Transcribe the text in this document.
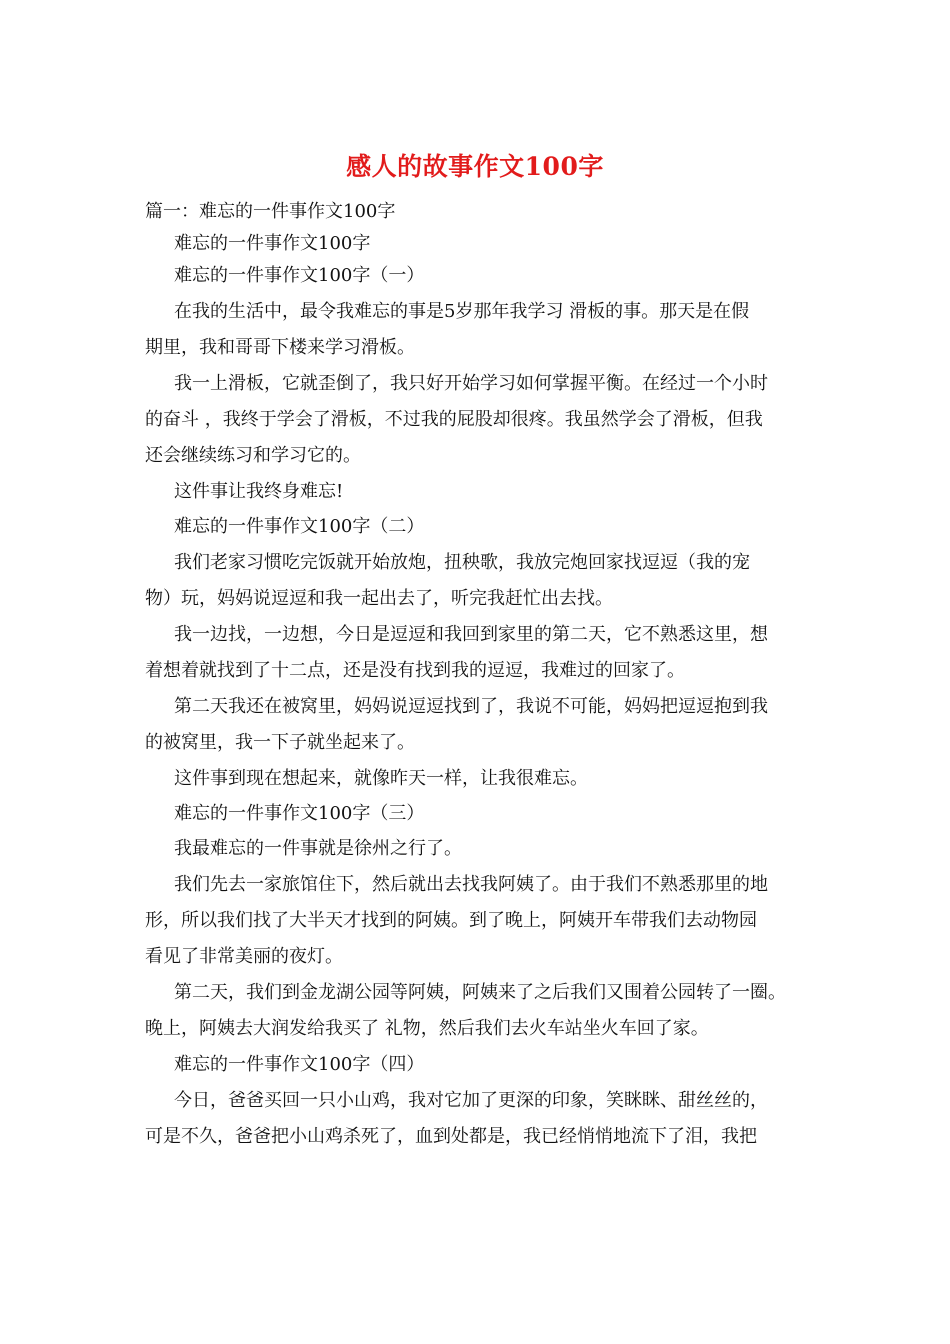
感人的故事作文100字
篇一：难忘的一件事作文100字
难忘的一件事作文100字
难忘的一件事作文100字（一）
在我的生活中，最令我难忘的事是5岁那年我学习 滑板的事。那天是在假
期里，我和哥哥下楼来学习滑板。
我一上滑板，它就歪倒了，我只好开始学习如何掌握平衡。在经过一个小时
的奋斗 ，我终于学会了滑板，不过我的屁股却很疼。我虽然学会了滑板，但我
还会继续练习和学习它的。
这件事让我终身难忘!
难忘的一件事作文100字（二）
我们老家习惯吃完饭就开始放炮，扭秧歌，我放完炮回家找逗逗（我的宠
物）玩，妈妈说逗逗和我一起出去了，听完我赶忙出去找。
我一边找，一边想，今日是逗逗和我回到家里的第二天，它不熟悉这里，想
着想着就找到了十二点，还是没有找到我的逗逗，我难过的回家了。
第二天我还在被窝里，妈妈说逗逗找到了，我说不可能，妈妈把逗逗抱到我
的被窝里，我一下子就坐起来了。
这件事到现在想起来，就像昨天一样，让我很难忘。
难忘的一件事作文100字（三）
我最难忘的一件事就是徐州之行了。
我们先去一家旅馆住下，然后就出去找我阿姨了。由于我们不熟悉那里的地
形，所以我们找了大半天才找到的阿姨。到了晚上，阿姨开车带我们去动物园
看见了非常美丽的夜灯。
第二天，我们到金龙湖公园等阿姨，阿姨来了之后我们又围着公园转了一圈。
晚上，阿姨去大润发给我买了 礼物，然后我们去火车站坐火车回了家。
难忘的一件事作文100字（四）
今日，爸爸买回一只小山鸡，我对它加了更深的印象，笑眯眯、甜丝丝的，
可是不久，爸爸把小山鸡杀死了，血到处都是，我已经悄悄地流下了泪，我把
